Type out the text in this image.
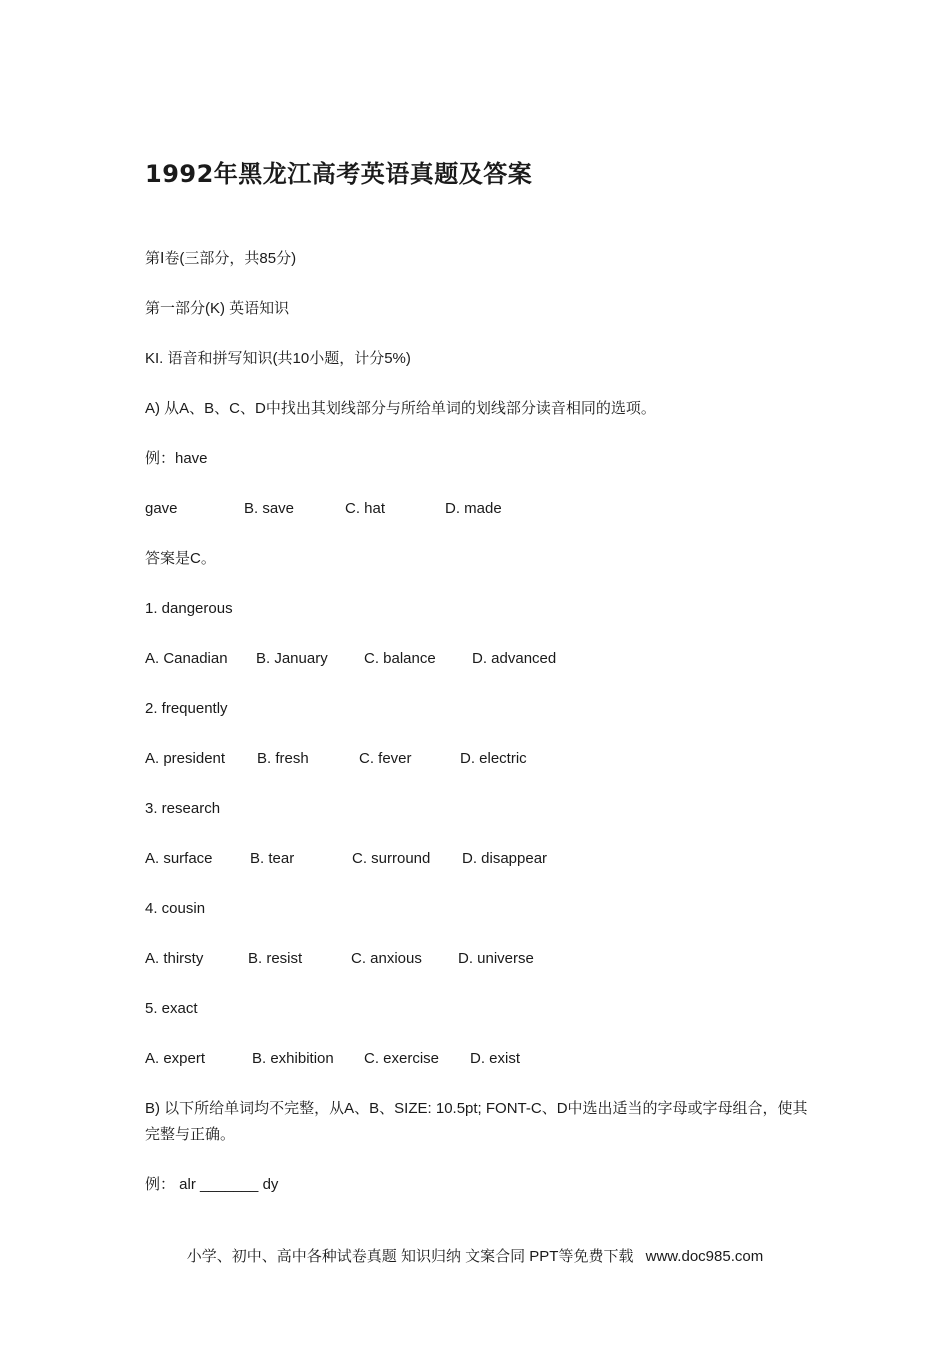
1992年黑龙江高考英语真题及答案
第Ⅰ卷(三部分，共85分)
第一部分(K) 英语知识
KI. 语音和拼写知识(共10小题，计分5%)
A) 从A、B、C、D中找出其划线部分与所给单词的划线部分读音相同的选项。
例：have
gave	B. save	C. hat	D. made
答案是C。
1. dangerous
A. Canadian B. January C. balance D. advanced
2. frequently
A. president B. fresh	C. fever	D. electric
3. research
A. surface B. tear	C. surround D. disappear
4. cousin
A. thirsty	B. resist	C. anxious D. universe
5. exact
A. expert	B. exhibition C. exercise D. exist
B) 以下所给单词均不完整，从A、B、SIZE: 10.5pt; FONT-C、D中选出适当的字母或字母组合，使其完整与正确。
例： alr _______ dy
小学、初中、高中各种试卷真题 知识归纳 文案合同 PPT等免费下载 www.doc985.com
